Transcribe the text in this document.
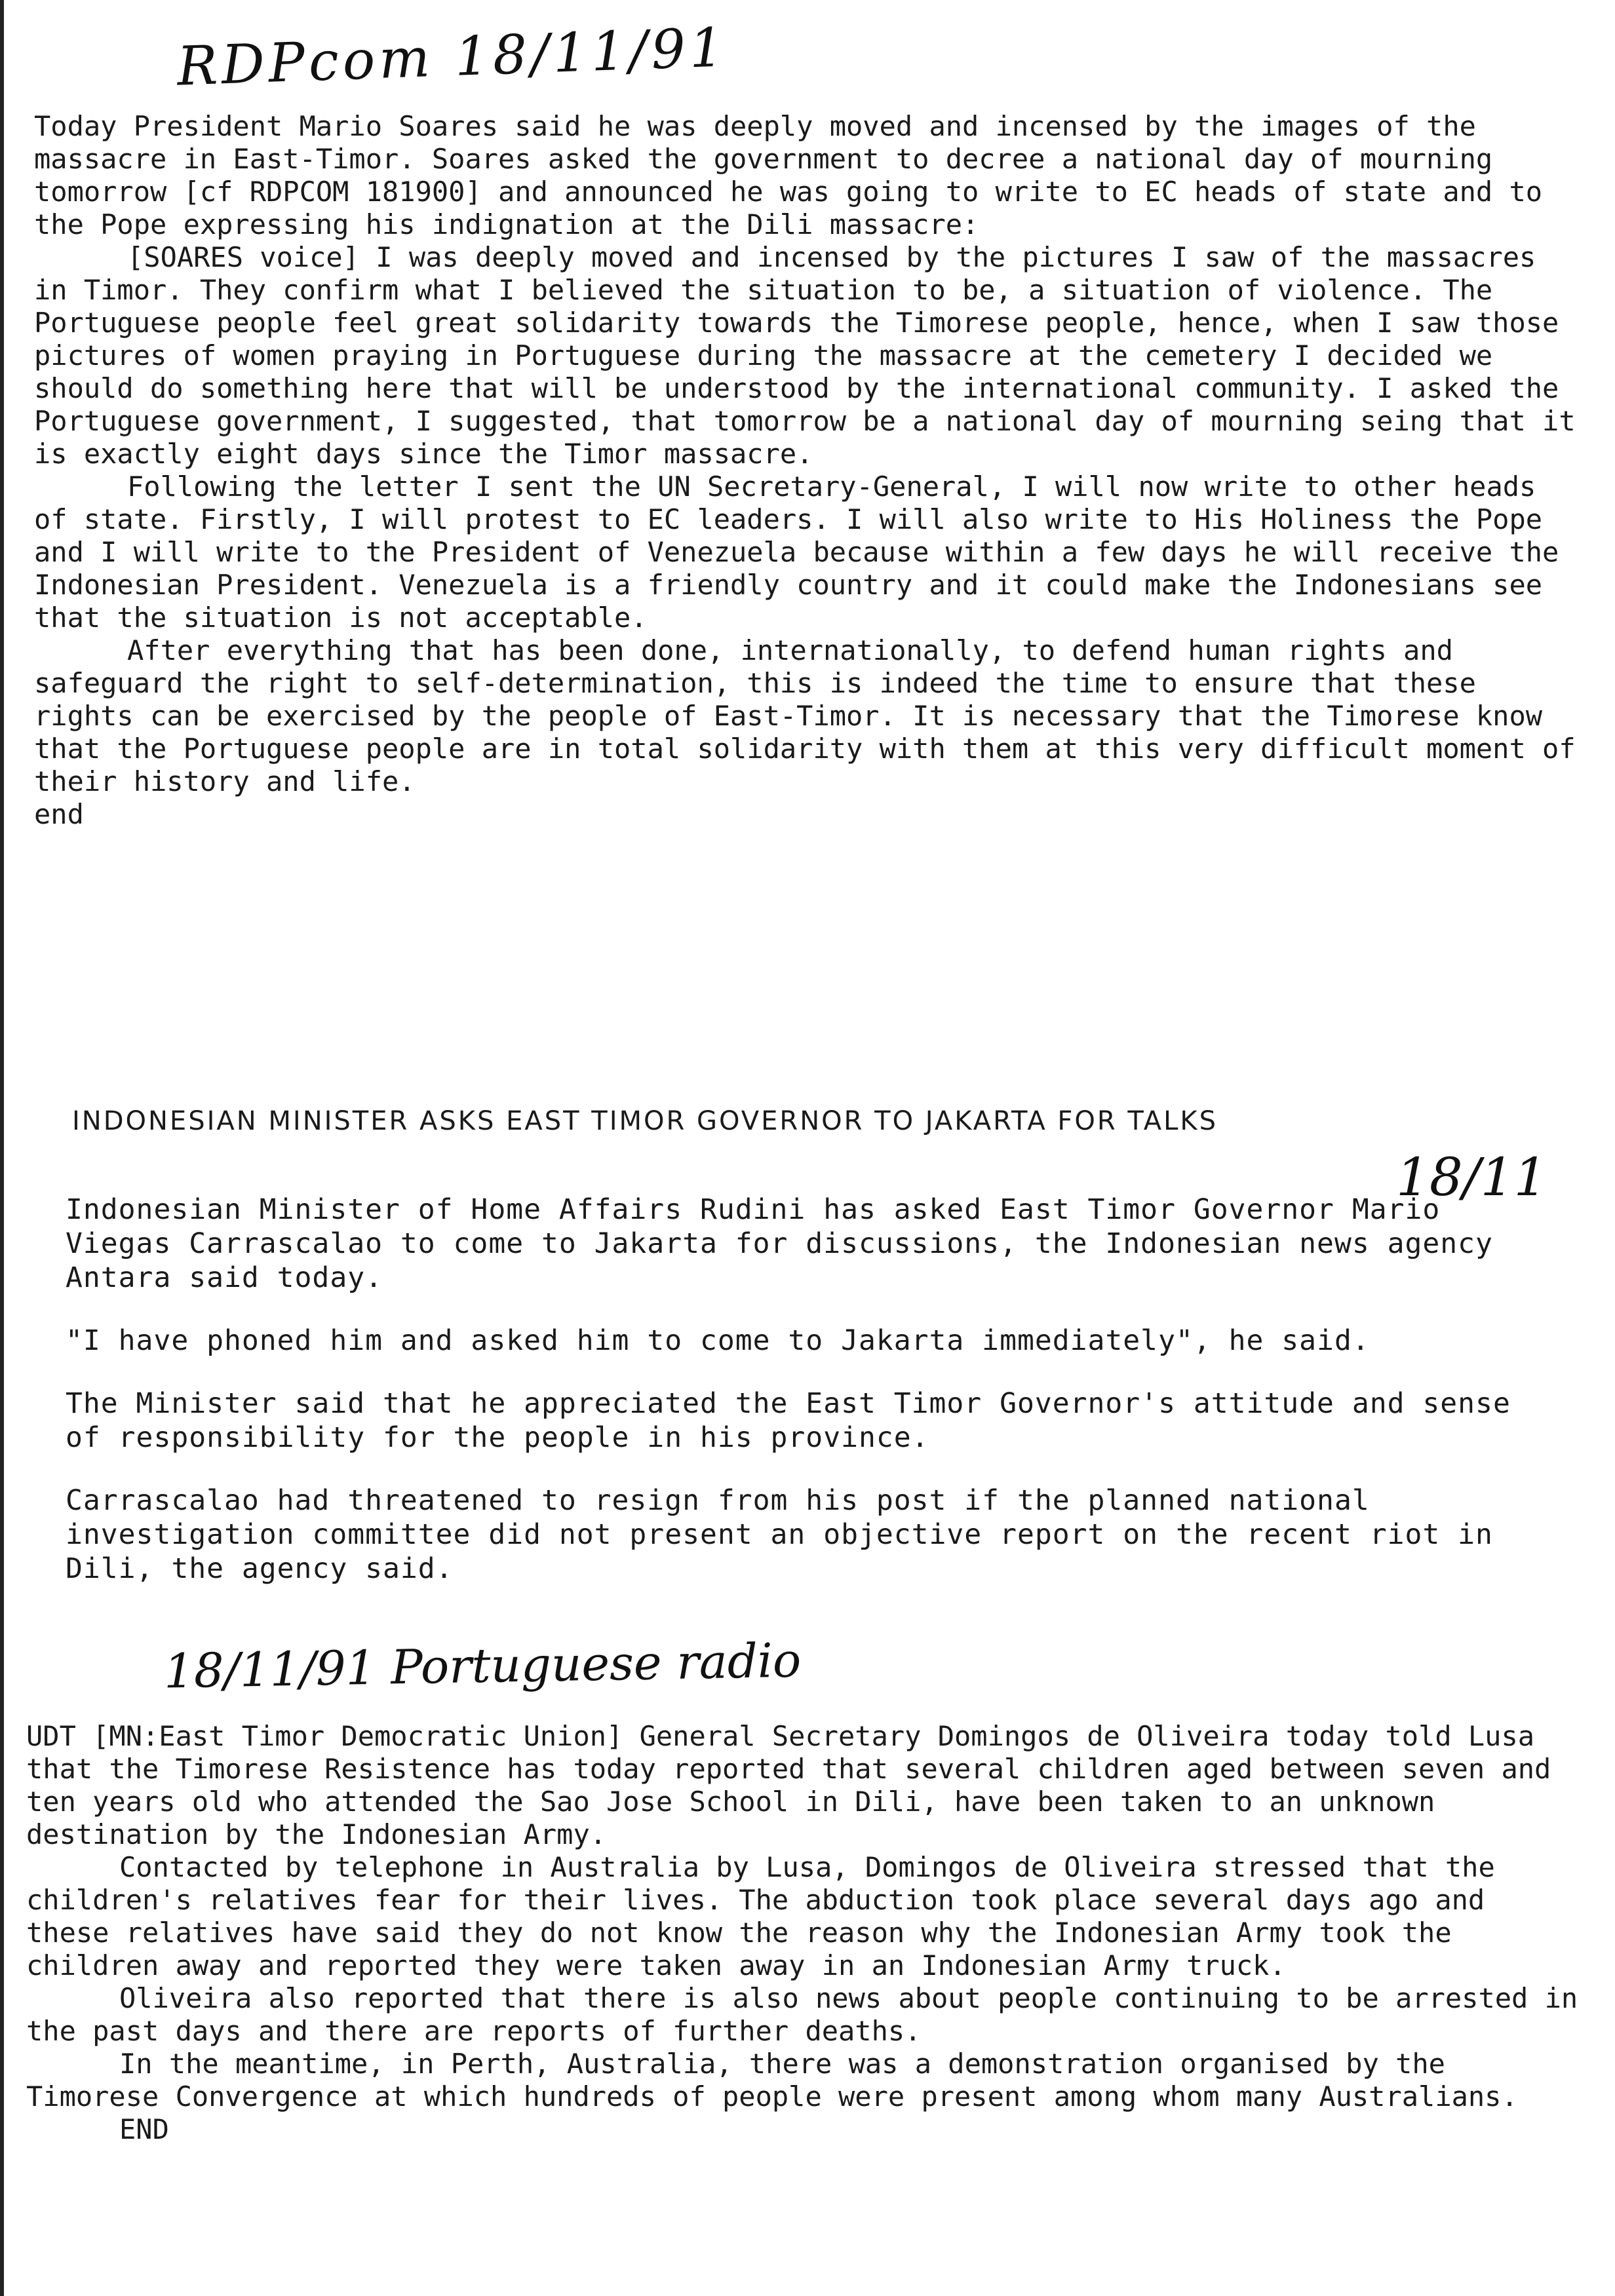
RDPcom 18/11/91

Today President Mario Soares said he was deeply moved and incensed by the images of the massacre in East-Timor. Soares asked the government to decree a national day of mourning tomorrow [cf RDPCOM 181900] and announced he was going to write to EC heads of state and to the Pope expressing his indignation at the Dili massacre:

[SOARES voice] I was deeply moved and incensed by the pictures I saw of the massacres in Timor. They confirm what I believed the situation to be, a situation of violence. The Portuguese people feel great solidarity towards the Timorese people, hence, when I saw those pictures of women praying in Portuguese during the massacre at the cemetery I decided we should do something here that will be understood by the international community. I asked the Portuguese government, I suggested, that tomorrow be a national day of mourning seing that it is exactly eight days since the Timor massacre.

Following the letter I sent the UN Secretary-General, I will now write to other heads of state. Firstly, I will protest to EC leaders. I will also write to His Holiness the Pope and I will write to the President of Venezuela because within a few days he will receive the Indonesian President. Venezuela is a friendly country and it could make the Indonesians see that the situation is not acceptable.

After everything that has been done, internationally, to defend human rights and safeguard the right to self-determination, this is indeed the time to ensure that these rights can be exercised by the people of East-Timor. It is necessary that the Timorese know that the Portuguese people are in total solidarity with them at this very difficult moment of their history and life.

end

INDONESIAN MINISTER ASKS EAST TIMOR GOVERNOR TO JAKARTA FOR TALKS
18/11

Indonesian Minister of Home Affairs Rudini has asked East Timor Governor Mario Viegas Carrascalao to come to Jakarta for discussions, the Indonesian news agency Antara said today.

"I have phoned him and asked him to come to Jakarta immediately", he said.

The Minister said that he appreciated the East Timor Governor's attitude and sense of responsibility for the people in his province.

Carrascalao had threatened to resign from his post if the planned national investigation committee did not present an objective report on the recent riot in Dili, the agency said.

18/11/91 Portuguese radio

UDT [MN:East Timor Democratic Union] General Secretary Domingos de Oliveira today told Lusa that the Timorese Resistence has today reported that several children aged between seven and ten years old who attended the Sao Jose School in Dili, have been taken to an unknown destination by the Indonesian Army.

Contacted by telephone in Australia by Lusa, Domingos de Oliveira stressed that the children's relatives fear for their lives. The abduction took place several days ago and these relatives have said they do not know the reason why the Indonesian Army took the children away and reported they were taken away in an Indonesian Army truck.

Oliveira also reported that there is also news about people continuing to be arrested in the past days and there are reports of further deaths.

In the meantime, in Perth, Australia, there was a demonstration organised by the Timorese Convergence at which hundreds of people were present among whom many Australians.

END
